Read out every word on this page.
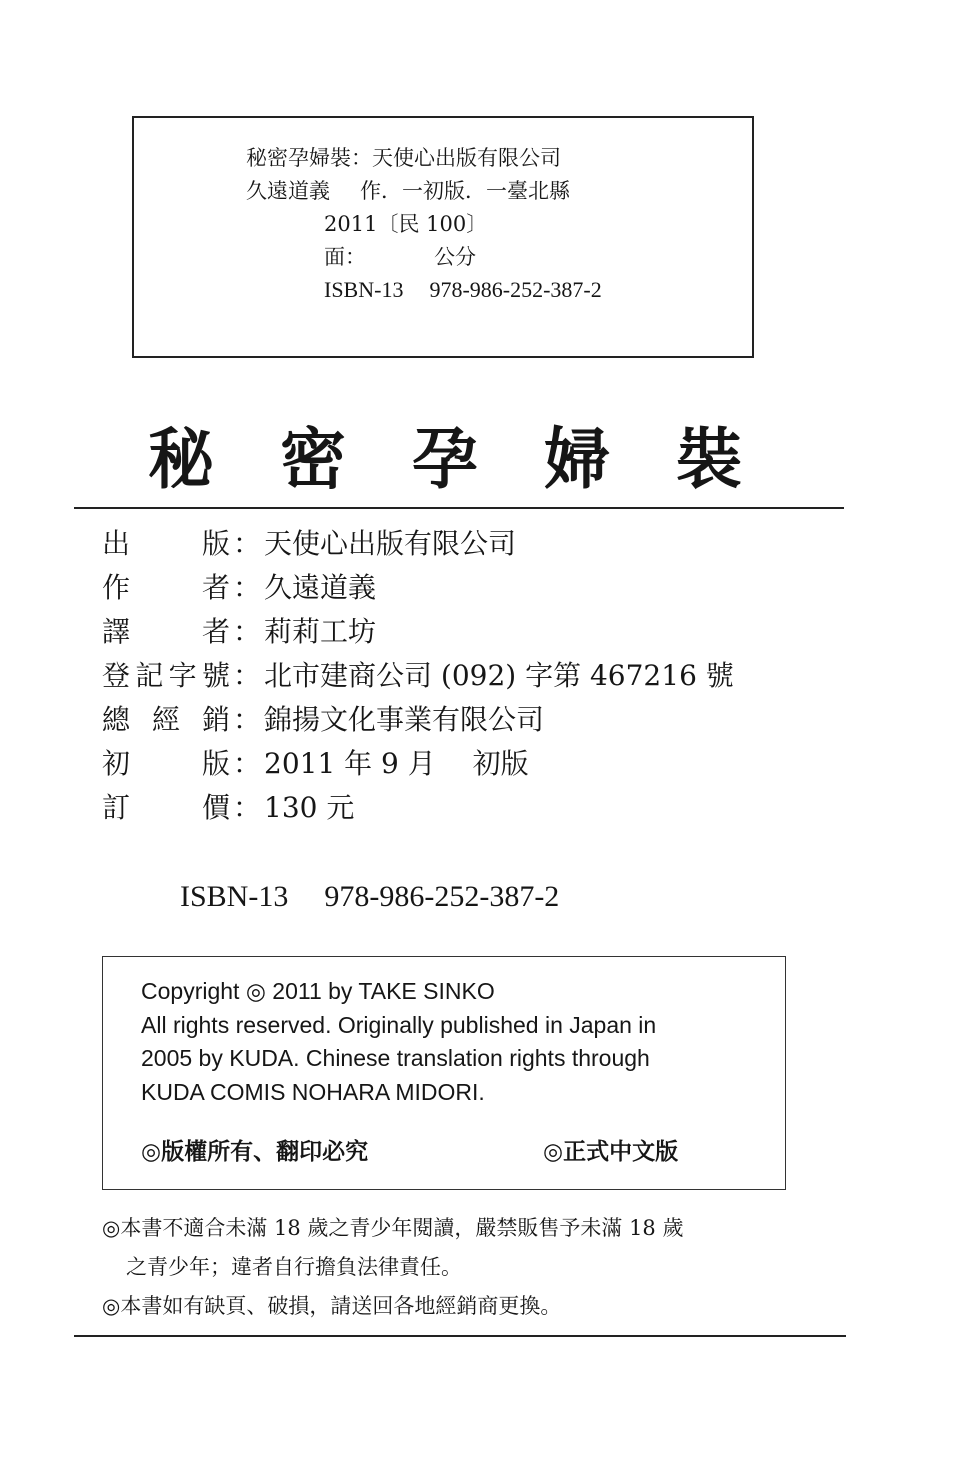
秘密孕婦裝：天使心出版有限公司
久遠道義 作．一初版．一臺北縣
2011〔民 100〕
面：	公分
ISBN-13 978-986-252-387-2
秘 密 孕 婦 裝
出版 ： 天使心出版有限公司
作者 ： 久遠道義
譯者 ： 莉莉工坊
登記字號 ： 北市建商公司 (092) 字第 467216 號
總經銷 ： 錦揚文化事業有限公司
初版 ： 2011 年 9 月　 初版
訂價 ： 130 元
ISBN-13 978-986-252-387-2
Copyright ◎ 2011 by TAKE SINKO
All rights reserved. Originally published in Japan in
2005 by KUDA. Chinese translation rights through
KUDA COMIS NOHARA MIDORI.
◎版權所有、翻印必究	◎正式中文版
◎本書不適合未滿 18 歲之青少年閱讀，嚴禁販售予未滿 18 歲
之青少年；違者自行擔負法律責任。
◎本書如有缺頁、破損，請送回各地經銷商更換。
